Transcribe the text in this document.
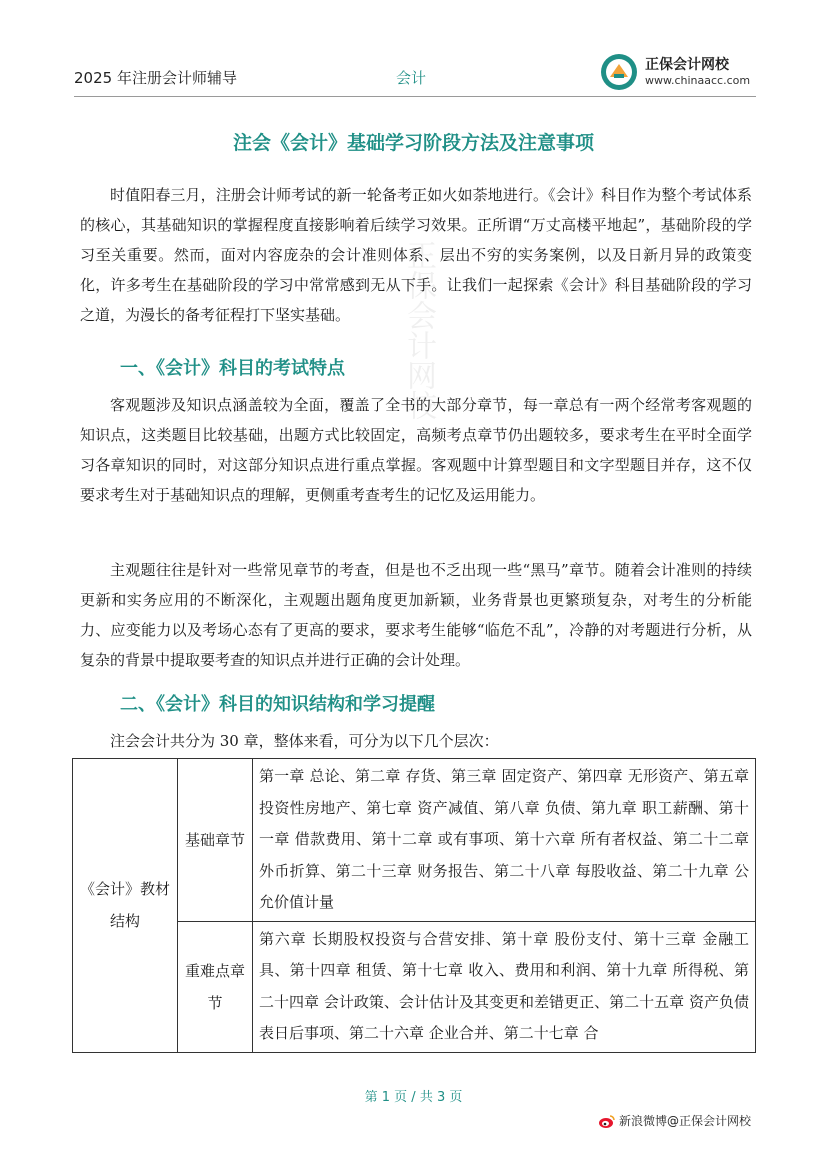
2025 年注册会计师辅导	会计
正保会计网校
www.chinaacc.com
正保会计网校
注会《会计》基础学习阶段方法及注意事项

时值阳春三月，注册会计师考试的新一轮备考正如火如荼地进行。《会计》科目作为整个考试体系的核心，其基础知识的掌握程度直接影响着后续学习效果。正所谓“万丈高楼平地起”，基础阶段的学习至关重要。然而，面对内容庞杂的会计准则体系、层出不穷的实务案例，以及日新月异的政策变化，许多考生在基础阶段的学习中常常感到无从下手。让我们一起探索《会计》科目基础阶段的学习之道，为漫长的备考征程打下坚实基础。

一、《会计》科目的考试特点

客观题涉及知识点涵盖较为全面，覆盖了全书的大部分章节，每一章总有一两个经常考客观题的知识点，这类题目比较基础，出题方式比较固定，高频考点章节仍出题较多，要求考生在平时全面学习各章知识的同时，对这部分知识点进行重点掌握。客观题中计算型题目和文字型题目并存，这不仅要求考生对于基础知识点的理解，更侧重考查考生的记忆及运用能力。

主观题往往是针对一些常见章节的考查，但是也不乏出现一些“黑马”章节。随着会计准则的持续更新和实务应用的不断深化，主观题出题角度更加新颖，业务背景也更繁琐复杂，对考生的分析能力、应变能力以及考场心态有了更高的要求，要求考生能够“临危不乱”，冷静的对考题进行分析，从复杂的背景中提取要考查的知识点并进行正确的会计处理。

二、《会计》科目的知识结构和学习提醒

注会会计共分为 30 章，整体来看，可分为以下几个层次：

《会计》教材结构	基础章节	第一章 总论、第二章 存货、第三章 固定资产、第四章 无形资产、第五章 投资性房地产、第七章 资产减值、第八章 负债、第九章 职工薪酬、第十一章 借款费用、第十二章 或有事项、第十六章 所有者权益、第二十二章 外币折算、第二十三章 财务报告、第二十八章 每股收益、第二十九章 公允价值计量
	重难点章节	第六章 长期股权投资与合营安排、第十章 股份支付、第十三章 金融工具、第十四章 租赁、第十七章 收入、费用和利润、第十九章 所得税、第二十四章 会计政策、会计估计及其变更和差错更正、第二十五章 资产负债表日后事项、第二十六章 企业合并、第二十七章 合
第 1 页 / 共 3 页
新浪微博@正保会计网校
